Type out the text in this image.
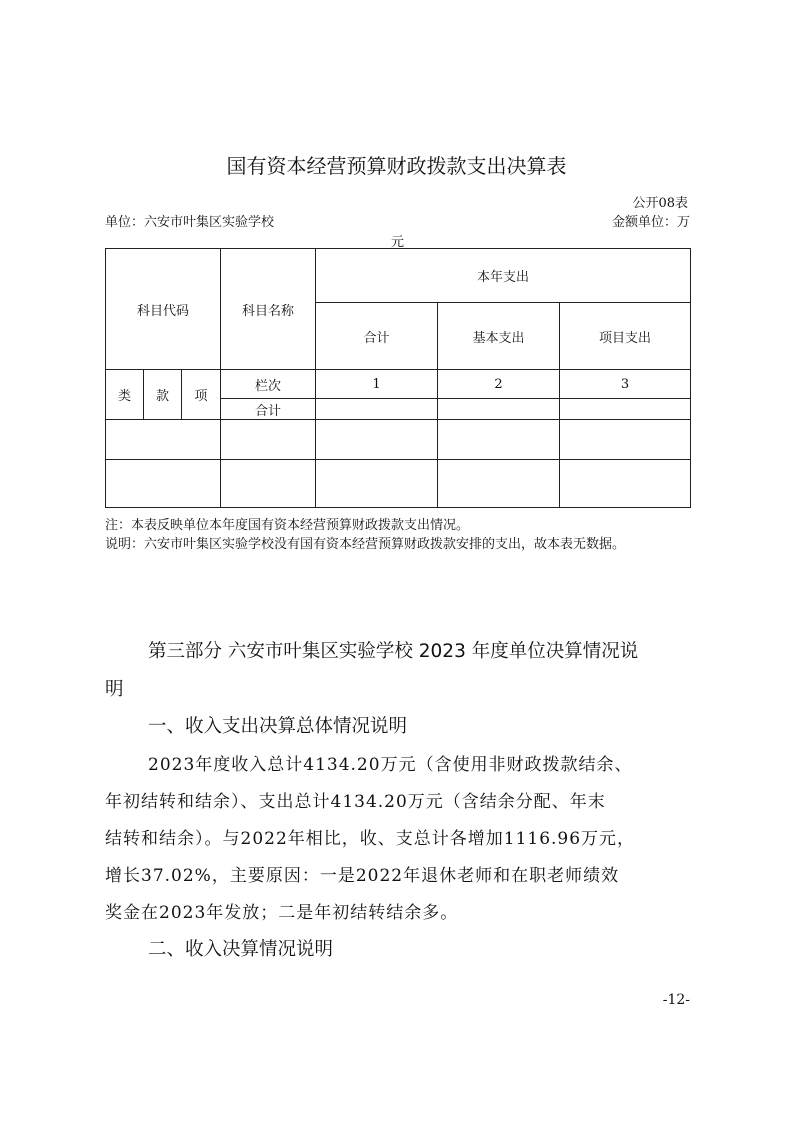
国有资本经营预算财政拨款支出决算表
公开08表
单位：六安市叶集区实验学校	金额单位：万
元
科目代码			科目名称	本年支出		
				合计	基本支出	项目支出
类	款	项	栏次	1	2	3
			合计			

注：本表反映单位本年度国有资本经营预算财政拨款支出情况。
说明：六安市叶集区实验学校没有国有资本经营预算财政拨款安排的支出，故本表无数据。
第三部分 六安市叶集区实验学校 2023 年度单位决算情况说
明
一、收入支出决算总体情况说明
2023年度收入总计4134.20万元（含使用非财政拨款结余、
年初结转和结余）、支出总计4134.20万元（含结余分配、年末
结转和结余）。与2022年相比，收、支总计各增加1116.96万元，
增长37.02%，主要原因：一是2022年退休老师和在职老师绩效
奖金在2023年发放；二是年初结转结余多。
二、收入决算情况说明
-12-
